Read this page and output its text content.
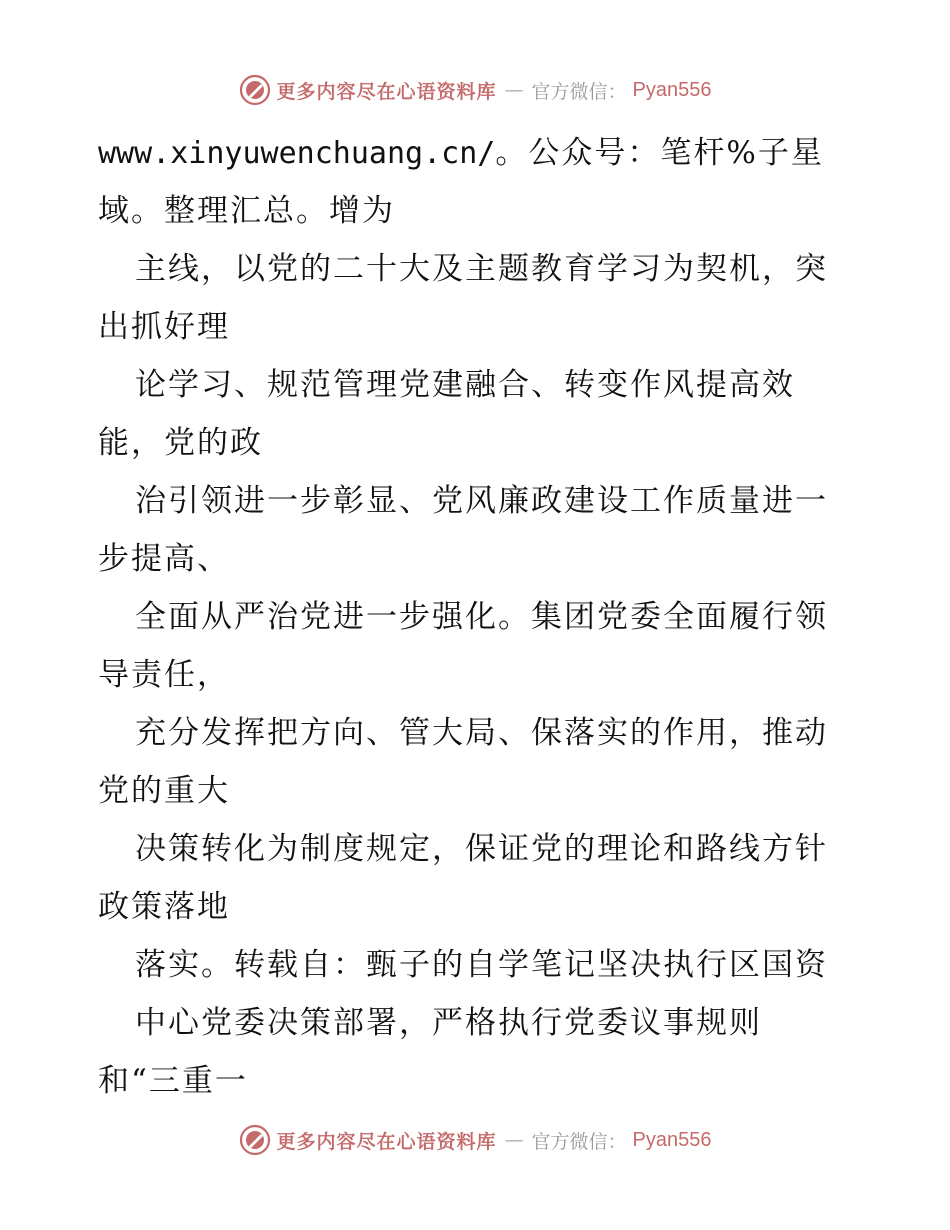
更多内容尽在心语资料库 — 官方微信： Pyan556
www.xinyuwenchuang.cn/。公众号：笔杆%子星
域。整理汇总。增为
主线，以党的二十大及主题教育学习为契机，突
出抓好理
论学习、规范管理党建融合、转变作风提高效
能，党的政
治引领进一步彰显、党风廉政建设工作质量进一
步提高、
全面从严治党进一步强化。集团党委全面履行领
导责任，
充分发挥把方向、管大局、保落实的作用，推动
党的重大
决策转化为制度规定，保证党的理论和路线方针
政策落地
落实。转载自：甄子的自学笔记坚决执行区国资
中心党委决策部署，严格执行党委议事规则
和“三重一
更多内容尽在心语资料库 — 官方微信： Pyan556
